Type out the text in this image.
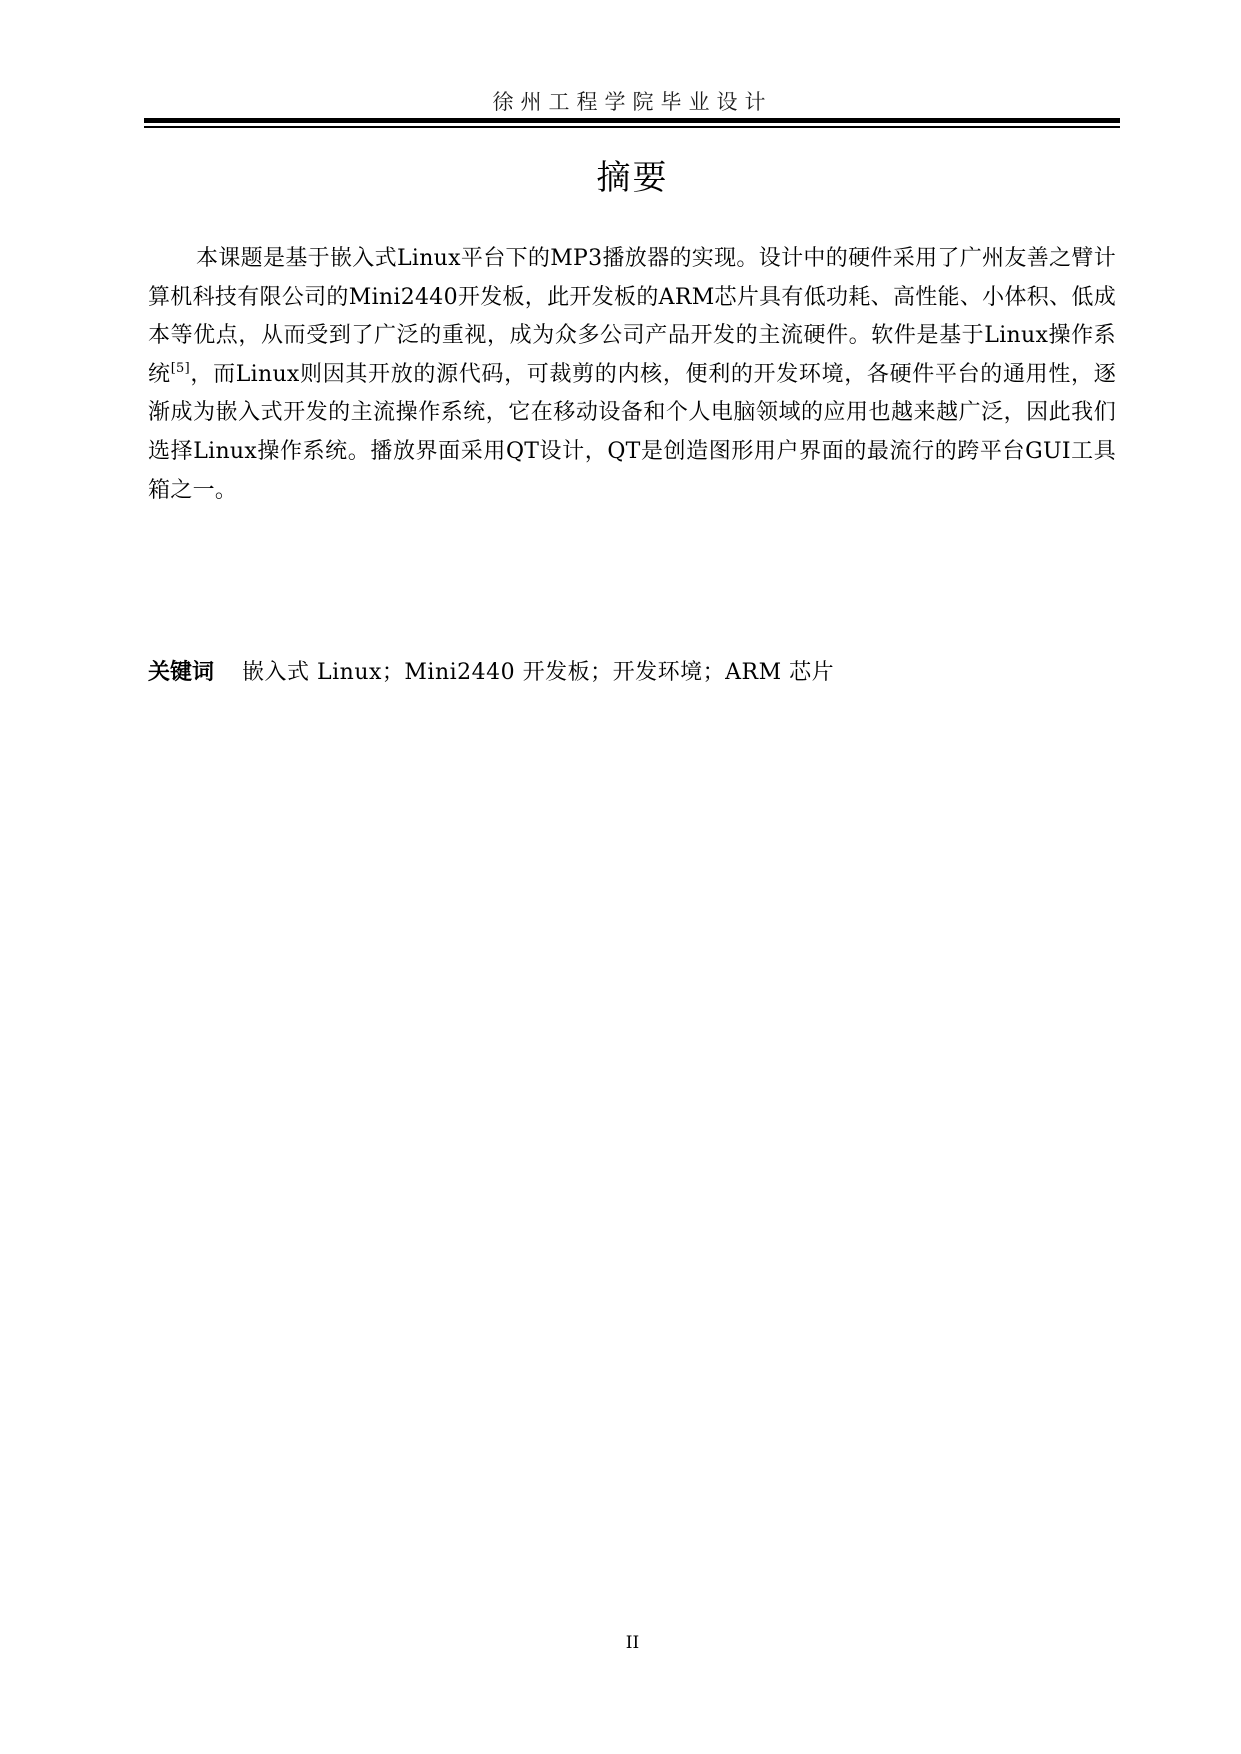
徐州工程学院毕业设计
摘要

本课题是基于嵌入式Linux平台下的MP3播放器的实现。设计中的硬件采用了广州友善之臂计算机科技有限公司的Mini2440开发板，此开发板的ARM芯片具有低功耗、高性能、小体积、低成本等优点，从而受到了广泛的重视，成为众多公司产品开发的主流硬件。软件是基于Linux操作系统[5]，而Linux则因其开放的源代码，可裁剪的内核，便利的开发环境，各硬件平台的通用性，逐渐成为嵌入式开发的主流操作系统，它在移动设备和个人电脑领域的应用也越来越广泛，因此我们选择Linux操作系统。播放界面采用QT设计，QT是创造图形用户界面的最流行的跨平台GUI工具箱之一。

关键词 嵌入式 Linux；Mini2440 开发板；开发环境；ARM 芯片
II
